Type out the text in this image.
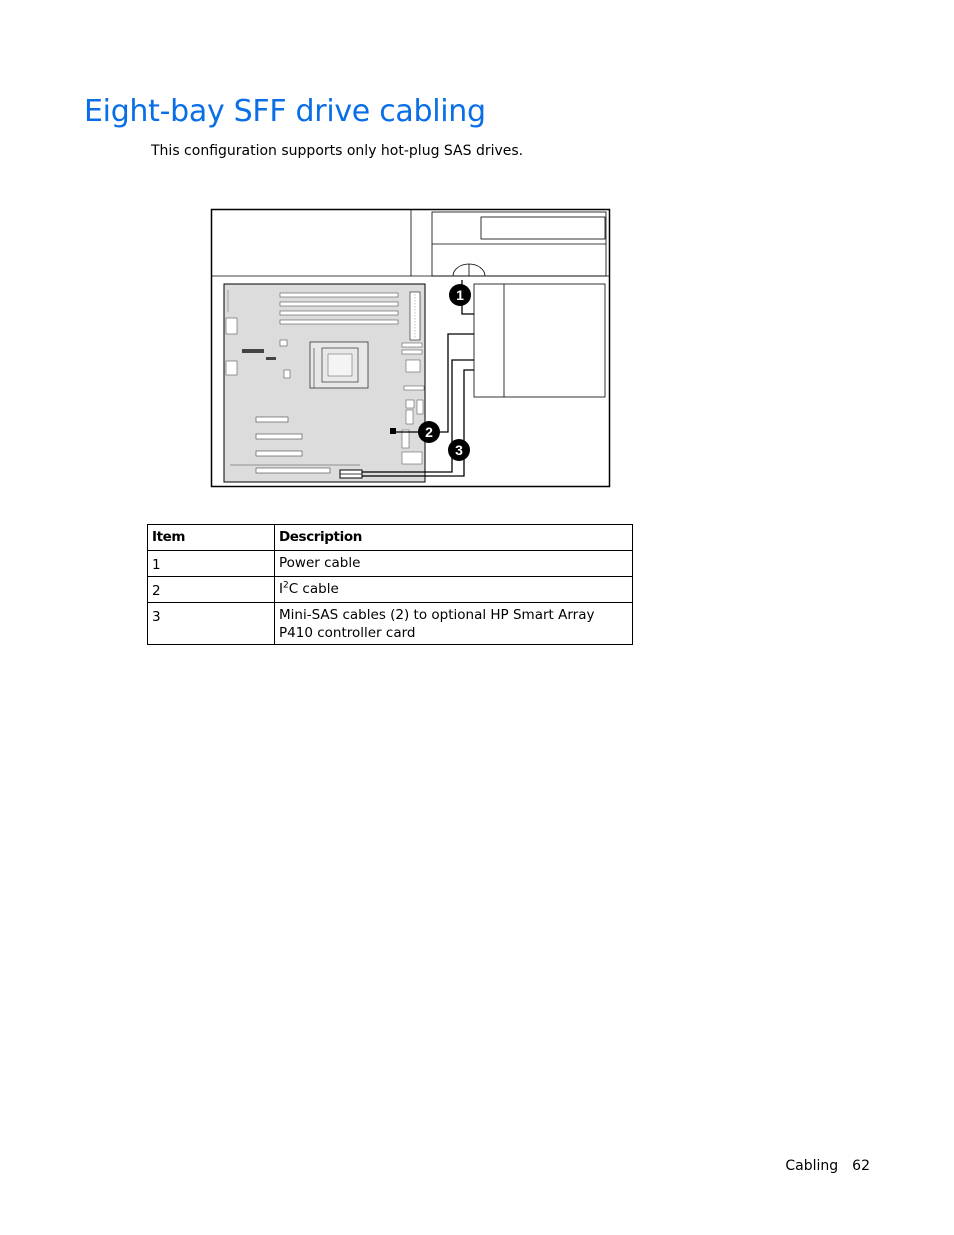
Eight-bay SFF drive cabling

This configuration supports only hot-plug SAS drives.

1
2
3
Item	Description
1	Power cable
2	$I^2C$ cable
3	Mini-SAS cables (2) to optional HP Smart Array P410 controller card
Cabling 62
